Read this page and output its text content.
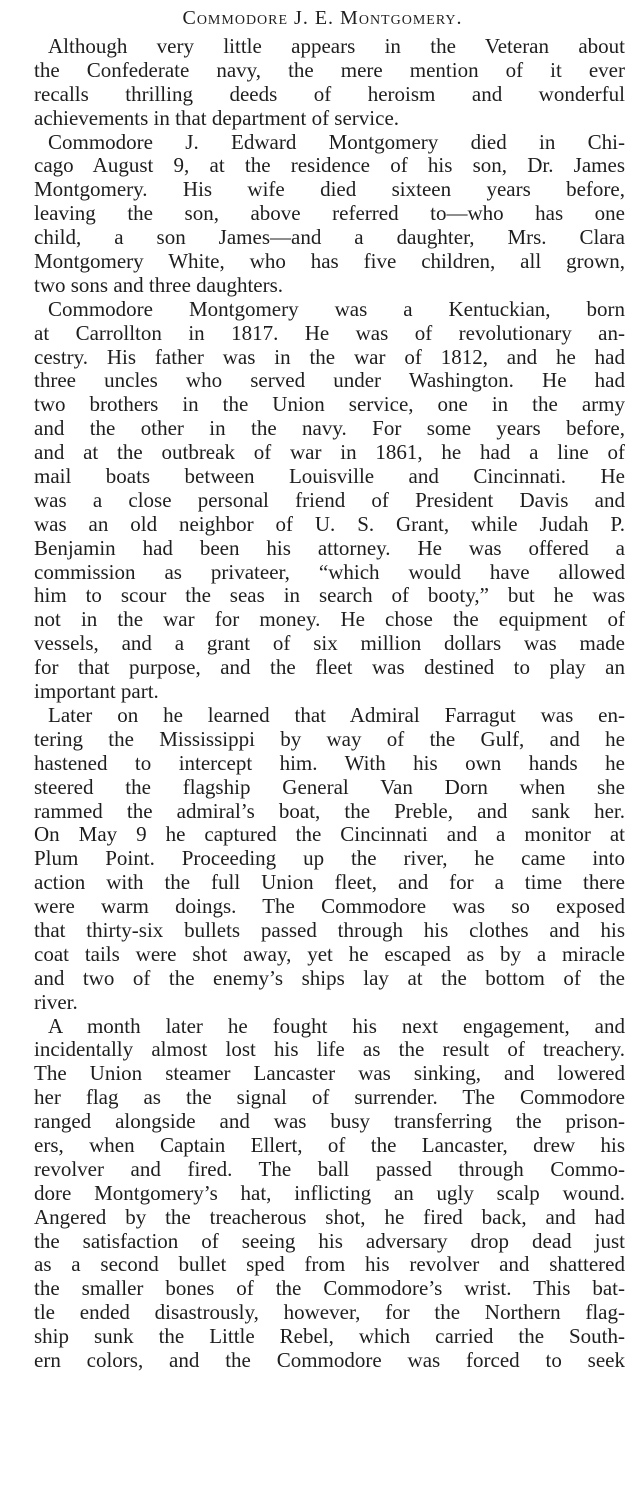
Commodore J. E. Montgomery.
Although very little appears in the Veteran about
the Confederate navy, the mere mention of it ever
recalls thrilling deeds of heroism and wonderful
achievements in that department of service.
Commodore J. Edward Montgomery died in Chi-
cago August 9, at the residence of his son, Dr. James
Montgomery. His wife died sixteen years before,
leaving the son, above referred to—who has one
child, a son James—and a daughter, Mrs. Clara
Montgomery White, who has five children, all grown,
two sons and three daughters.
Commodore Montgomery was a Kentuckian, born
at Carrollton in 1817. He was of revolutionary an-
cestry. His father was in the war of 1812, and he had
three uncles who served under Washington. He had
two brothers in the Union service, one in the army
and the other in the navy. For some years before,
and at the outbreak of war in 1861, he had a line of
mail boats between Louisville and Cincinnati. He
was a close personal friend of President Davis and
was an old neighbor of U. S. Grant, while Judah P.
Benjamin had been his attorney. He was offered a
commission as privateer, “which would have allowed
him to scour the seas in search of booty,” but he was
not in the war for money. He chose the equipment of
vessels, and a grant of six million dollars was made
for that purpose, and the fleet was destined to play an
important part.
Later on he learned that Admiral Farragut was en-
tering the Mississippi by way of the Gulf, and he
hastened to intercept him. With his own hands he
steered the flagship General Van Dorn when she
rammed the admiral’s boat, the Preble, and sank her.
On May 9 he captured the Cincinnati and a monitor at
Plum Point. Proceeding up the river, he came into
action with the full Union fleet, and for a time there
were warm doings. The Commodore was so exposed
that thirty-six bullets passed through his clothes and his
coat tails were shot away, yet he escaped as by a miracle
and two of the enemy’s ships lay at the bottom of the
river.
A month later he fought his next engagement, and
incidentally almost lost his life as the result of treachery.
The Union steamer Lancaster was sinking, and lowered
her flag as the signal of surrender. The Commodore
ranged alongside and was busy transferring the prison-
ers, when Captain Ellert, of the Lancaster, drew his
revolver and fired. The ball passed through Commo-
dore Montgomery’s hat, inflicting an ugly scalp wound.
Angered by the treacherous shot, he fired back, and had
the satisfaction of seeing his adversary drop dead just
as a second bullet sped from his revolver and shattered
the smaller bones of the Commodore’s wrist. This bat-
tle ended disastrously, however, for the Northern flag-
ship sunk the Little Rebel, which carried the South-
ern colors, and the Commodore was forced to seek
